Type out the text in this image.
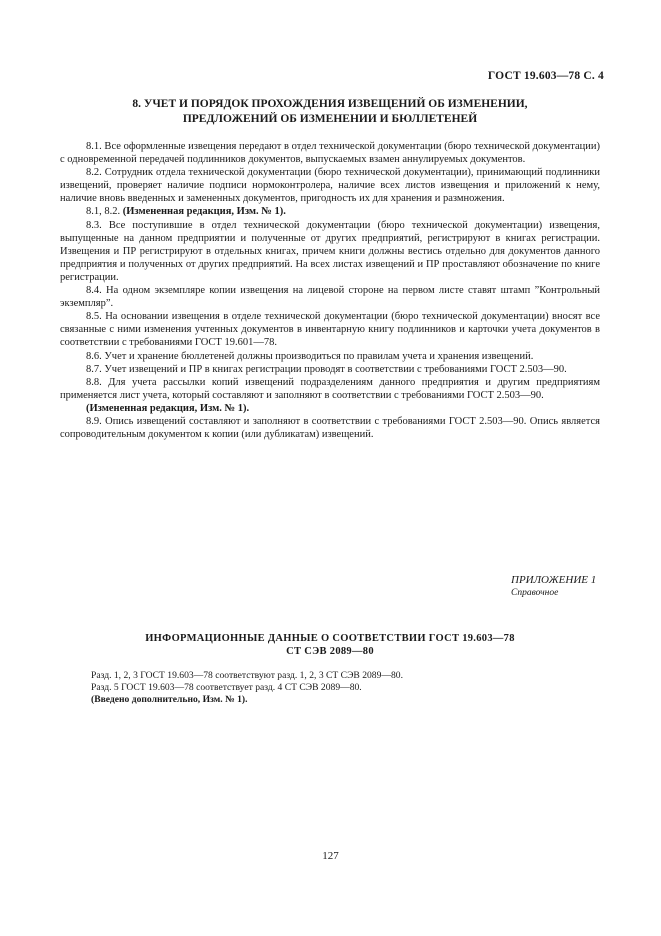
ГОСТ 19.603—78 С. 4
8. УЧЕТ И ПОРЯДОК ПРОХОЖДЕНИЯ ИЗВЕЩЕНИЙ ОБ ИЗМЕНЕНИИ,
ПРЕДЛОЖЕНИЙ ОБ ИЗМЕНЕНИИ И БЮЛЛЕТЕНЕЙ

8.1. Все оформленные извещения передают в отдел технической документации (бюро технической документации) с одновременной передачей подлинников документов, выпускаемых взамен аннулируемых документов.

8.2. Сотрудник отдела технической документации (бюро технической документации), принимающий подлинники извещений, проверяет наличие подписи нормоконтролера, наличие всех листов извещения и приложений к нему, наличие вновь введенных и замененных документов, пригодность их для хранения и размножения.

8.1, 8.2. (Измененная редакция, Изм. № 1).

8.3. Все поступившие в отдел технической документации (бюро технической документации) извещения, выпущенные на данном предприятии и полученные от других предприятий, регистрируют в книгах регистрации. Извещения и ПР регистрируют в отдельных книгах, причем книги должны вестись отдельно для документов данного предприятия и полученных от других предприятий. На всех листах извещений и ПР проставляют обозначение по книге регистрации.

8.4. На одном экземпляре копии извещения на лицевой стороне на первом листе ставят штамп ”Контрольный экземпляр”.

8.5. На основании извещения в отделе технической документации (бюро технической документации) вносят все связанные с ними изменения учтенных документов в инвентарную книгу подлинников и карточки учета документов в соответствии с требованиями ГОСТ 19.601—78.

8.6. Учет и хранение бюллетеней должны производиться по правилам учета и хранения извещений.

8.7. Учет извещений и ПР в книгах регистрации проводят в соответствии с требованиями ГОСТ 2.503—90.

8.8. Для учета рассылки копий извещений подразделениям данного предприятия и другим предприятиям применяется лист учета, который составляют и заполняют в соответствии с требованиями ГОСТ 2.503—90.

(Измененная редакция, Изм. № 1).

8.9. Опись извещений составляют и заполняют в соответствии с требованиями ГОСТ 2.503—90. Опись является сопроводительным документом к копии (или дубликатам) извещений.

ПРИЛОЖЕНИЕ 1
Справочное
ИНФОРМАЦИОННЫЕ ДАННЫЕ О СООТВЕТСТВИИ ГОСТ 19.603—78
СТ СЭВ 2089—80

Разд. 1, 2, 3 ГОСТ 19.603—78 соответствуют разд. 1, 2, 3 СТ СЭВ 2089—80.

Разд. 5 ГОСТ 19.603—78 соответствует разд. 4 СТ СЭВ 2089—80.

(Введено дополнительно, Изм. № 1).

127
